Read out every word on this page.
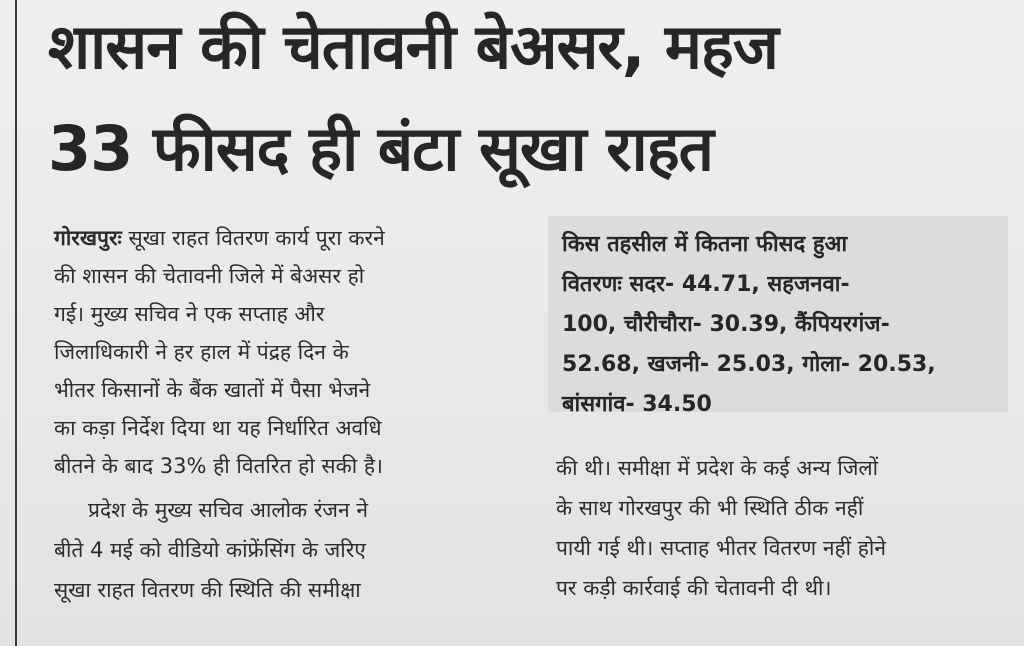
शासन की चेतावनी बेअसर, महज
33 फीसद ही बंटा सूखा राहत
गोरखपुरः सूखा राहत वितरण कार्य पूरा करने
की शासन की चेतावनी जिले में बेअसर हो
गई। मुख्य सचिव ने एक सप्ताह और
जिलाधिकारी ने हर हाल में पंद्रह दिन के
भीतर किसानों के बैंक खातों में पैसा भेजने
का कड़ा निर्देश दिया था यह निर्धारित अवधि
बीतने के बाद 33% ही वितरित हो सकी है।
प्रदेश के मुख्य सचिव आलोक रंजन ने
बीते 4 मई को वीडियो कांफ्रेंसिंग के जरिए
सूखा राहत वितरण की स्थिति की समीक्षा
किस तहसील में कितना फीसद हुआ
वितरणः सदर- 44.71, सहजनवा-
100, चौरीचौरा- 30.39, कैंपियरगंज-
52.68, खजनी- 25.03, गोला- 20.53,
बांसगांव- 34.50
की थी। समीक्षा में प्रदेश के कई अन्य जिलों
के साथ गोरखपुर की भी स्थिति ठीक नहीं
पायी गई थी। सप्ताह भीतर वितरण नहीं होने
पर कड़ी कार्रवाई की चेतावनी दी थी।
